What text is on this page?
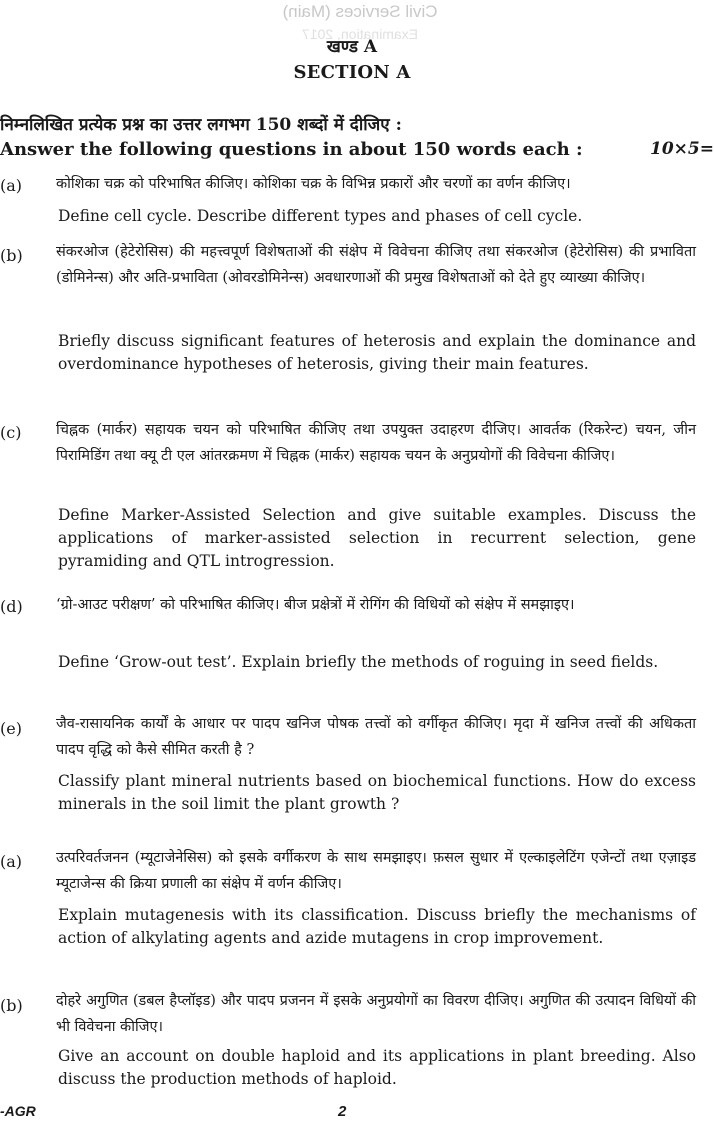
Civil Services (Main)
Examination, 2017
खण्ड A
SECTION A
निम्नलिखित प्रत्येक प्रश्न का उत्तर लगभग 150 शब्दों में दीजिए :
Answer the following questions in about 150 words each :	10×5=
(a) कोशिका चक्र को परिभाषित कीजिए। कोशिका चक्र के विभिन्न प्रकारों और चरणों का वर्णन कीजिए।
Define cell cycle. Describe different types and phases of cell cycle.
(b) संकरओज (हेटेरोसिस) की महत्त्वपूर्ण विशेषताओं की संक्षेप में विवेचना कीजिए तथा संकरओज (हेटेरोसिस) की प्रभाविता (डोमिनेन्स) और अति-प्रभाविता (ओवरडोमिनेन्स) अवधारणाओं की प्रमुख विशेषताओं को देते हुए व्याख्या कीजिए।
Briefly discuss significant features of heterosis and explain the dominance and overdominance hypotheses of heterosis, giving their main features.
(c) चिह्नक (मार्कर) सहायक चयन को परिभाषित कीजिए तथा उपयुक्त उदाहरण दीजिए। आवर्तक (रिकरेन्ट) चयन, जीन पिरामिडिंग तथा क्यू टी एल आंतरक्रमण में चिह्नक (मार्कर) सहायक चयन के अनुप्रयोगों की विवेचना कीजिए।
Define Marker-Assisted Selection and give suitable examples. Discuss the applications of marker-assisted selection in recurrent selection, gene pyramiding and QTL introgression.
(d) ‘ग्रो-आउट परीक्षण’ को परिभाषित कीजिए। बीज प्रक्षेत्रों में रोगिंग की विधियों को संक्षेप में समझाइए।
Define ‘Grow-out test’. Explain briefly the methods of roguing in seed fields.
(e) जैव-रासायनिक कार्यों के आधार पर पादप खनिज पोषक तत्त्वों को वर्गीकृत कीजिए। मृदा में खनिज तत्त्वों की अधिकता पादप वृद्धि को कैसे सीमित करती है ?
Classify plant mineral nutrients based on biochemical functions. How do excess minerals in the soil limit the plant growth ?
(a) उत्परिवर्तजनन (म्यूटाजेनेसिस) को इसके वर्गीकरण के साथ समझाइए। फ़सल सुधार में एल्काइलेटिंग एजेन्टों तथा एज़ाइड म्यूटाजेन्स की क्रिया प्रणाली का संक्षेप में वर्णन कीजिए।
Explain mutagenesis with its classification. Discuss briefly the mechanisms of action of alkylating agents and azide mutagens in crop improvement.
(b) दोहरे अगुणित (डबल हैप्लॉइड) और पादप प्रजनन में इसके अनुप्रयोगों का विवरण दीजिए। अगुणित की उत्पादन विधियों की भी विवेचना कीजिए।
Give an account on double haploid and its applications in plant breeding. Also discuss the production methods of haploid.
-AGR	2
